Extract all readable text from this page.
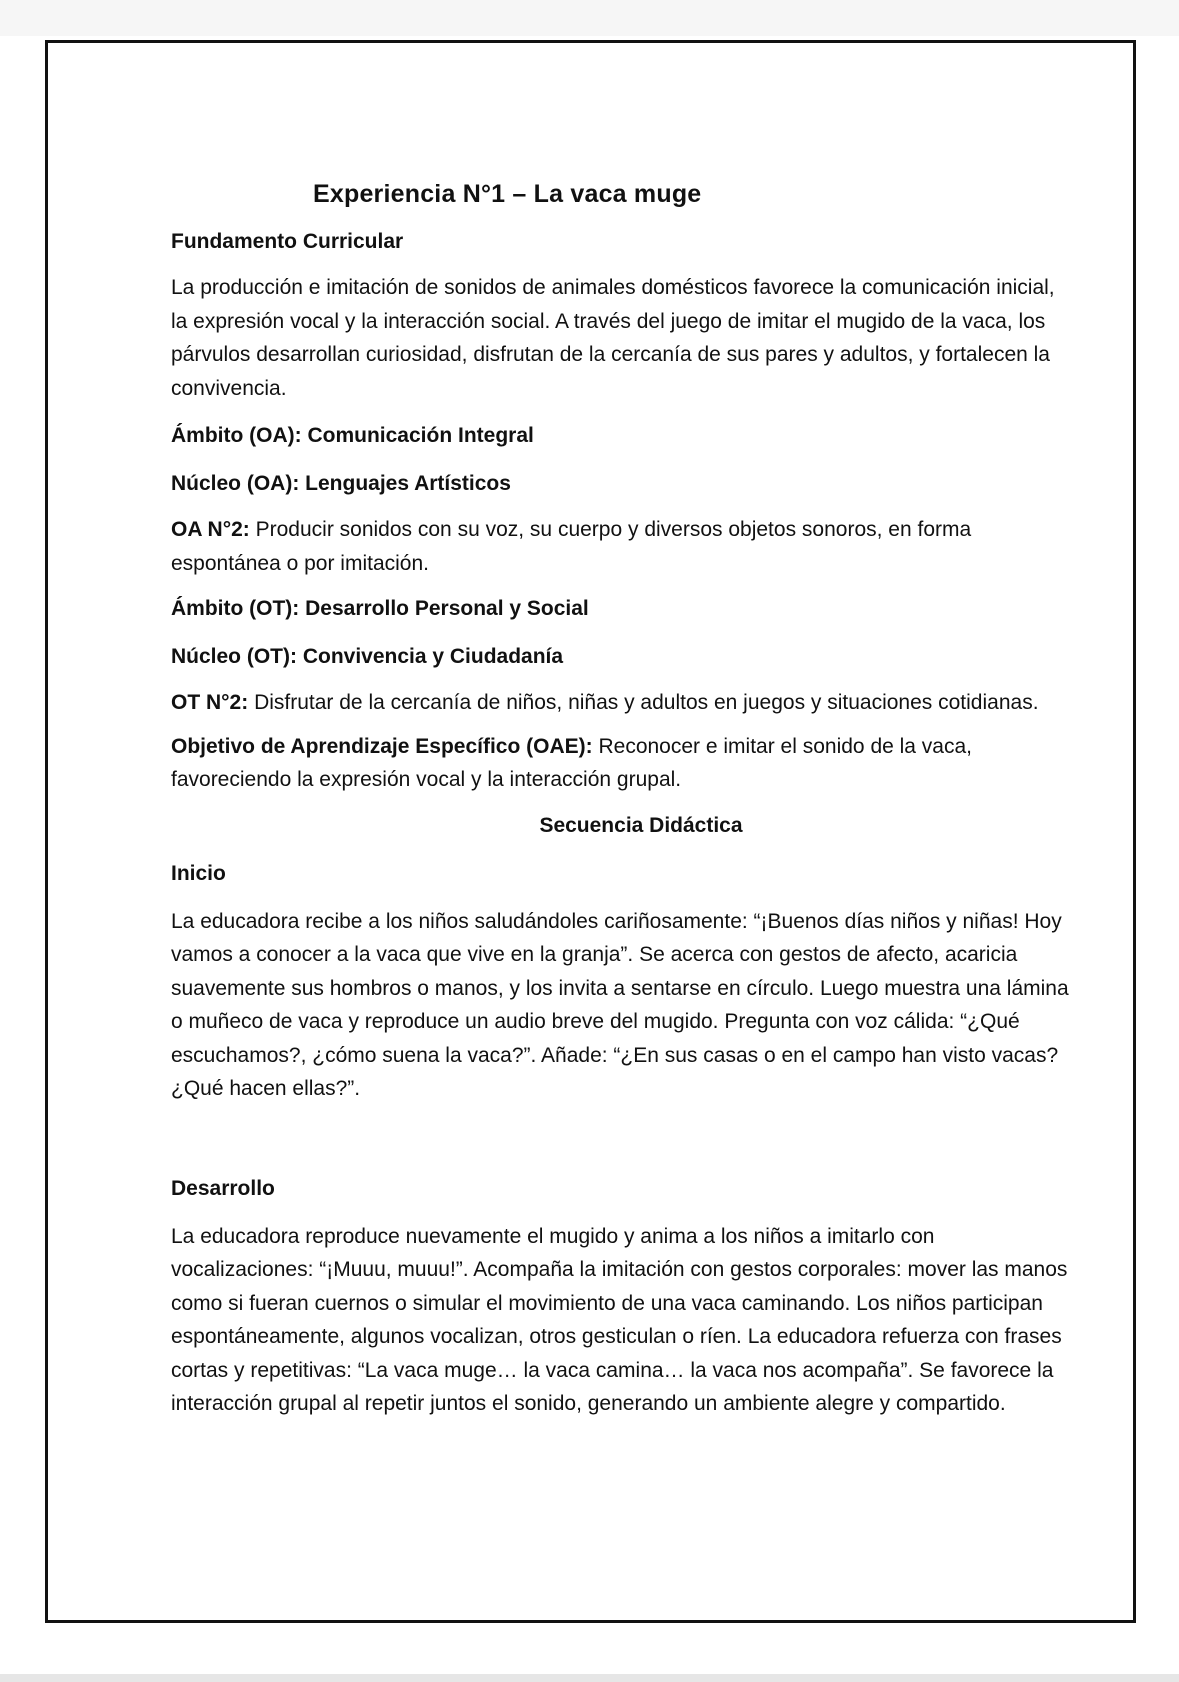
Experiencia N°1 – La vaca muge
Fundamento Curricular

La producción e imitación de sonidos de animales domésticos favorece la comunicación inicial, la expresión vocal y la interacción social. A través del juego de imitar el mugido de la vaca, los párvulos desarrollan curiosidad, disfrutan de la cercanía de sus pares y adultos, y fortalecen la convivencia.

Ámbito (OA): Comunicación Integral
Núcleo (OA): Lenguajes Artísticos

OA N°2: Producir sonidos con su voz, su cuerpo y diversos objetos sonoros, en forma espontánea o por imitación.

Ámbito (OT): Desarrollo Personal y Social
Núcleo (OT): Convivencia y Ciudadanía

OT N°2: Disfrutar de la cercanía de niños, niñas y adultos en juegos y situaciones cotidianas.

Objetivo de Aprendizaje Específico (OAE): Reconocer e imitar el sonido de la vaca, favoreciendo la expresión vocal y la interacción grupal.

Secuencia Didáctica
Inicio

La educadora recibe a los niños saludándoles cariñosamente: “¡Buenos días niños y niñas! Hoy vamos a conocer a la vaca que vive en la granja”. Se acerca con gestos de afecto, acaricia suavemente sus hombros o manos, y los invita a sentarse en círculo. Luego muestra una lámina o muñeco de vaca y reproduce un audio breve del mugido. Pregunta con voz cálida: “¿Qué escuchamos?, ¿cómo suena la vaca?”. Añade: “¿En sus casas o en el campo han visto vacas? ¿Qué hacen ellas?”.

Desarrollo

La educadora reproduce nuevamente el mugido y anima a los niños a imitarlo con vocalizaciones: “¡Muuu, muuu!”. Acompaña la imitación con gestos corporales: mover las manos como si fueran cuernos o simular el movimiento de una vaca caminando. Los niños participan espontáneamente, algunos vocalizan, otros gesticulan o ríen. La educadora refuerza con frases cortas y repetitivas: “La vaca muge… la vaca camina… la vaca nos acompaña”. Se favorece la interacción grupal al repetir juntos el sonido, generando un ambiente alegre y compartido.
